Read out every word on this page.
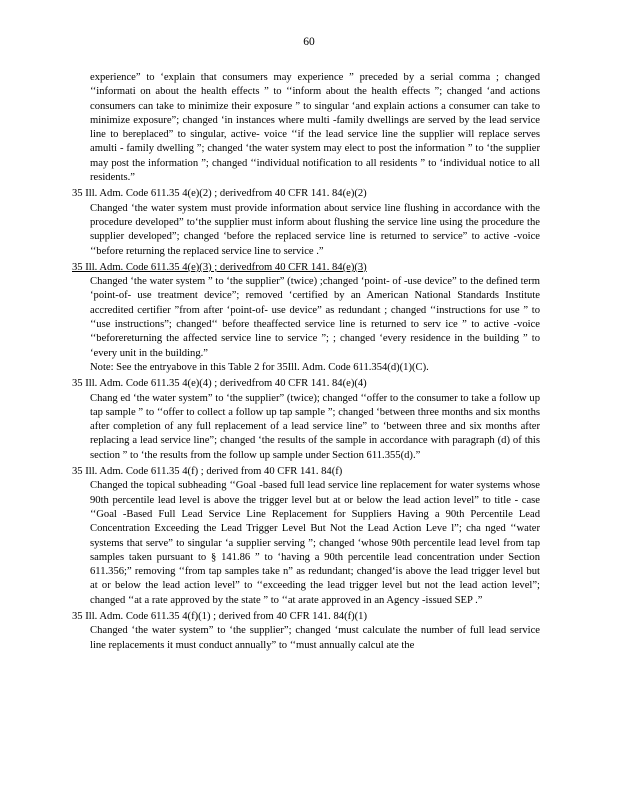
60

experience” to ‘explain that consumers may experience ” preceded by a serial comma ; changed ‘‘informati on about the health effects ” to ‘‘inform about the health effects ”; changed ‘and actions consumers can take to minimize their exposure ” to singular ‘and explain actions a consumer can take to minimize exposure”; changed ‘in instances where multi -family dwellings are served by the lead service line to bereplaced” to singular, active- voice ‘‘if the lead service line the supplier will replace serves amulti - family dwelling ”; changed ‘the water system may elect to post the information ” to ‘the supplier may post the information ”; changed ‘‘individual notification to all residents ” to ‘individual notice to all residents.”

35 Ill. Adm. Code 611.35 4(e)(2) ; derivedfrom 40 CFR 141. 84(e)(2)

Changed ‘the water system must provide information about service line flushing in accordance with the procedure developed” to‘the supplier must inform about flushing the service line using the procedure the supplier developed”; changed ‘before the replaced service line is returned to service” to active -voice ‘‘before returning the replaced service line to service .”

35 Ill. Adm. Code 611.35 4(e)(3) ; derivedfrom 40 CFR 141. 84(e)(3)

Changed ‘the water system ” to ‘the supplier” (twice) ;changed ‘point- of -use device” to the defined term ‘point-of- use treatment device”; removed ‘certified by an American National Standards Institute accredited certifier ”from after ‘point-of- use device” as redundant ; changed ‘‘instructions for use ” to ‘‘use instructions”; changed‘‘ before theaffected service line is returned to serv ice ” to active -voice ‘‘beforereturning the affected service line to service ”; ; changed ‘every residence in the building ” to ‘every unit in the building.”

Note: See the entryabove in this Table 2 for 35Ill. Adm. Code 611.354(d)(1)(C).

35 Ill. Adm. Code 611.35 4(e)(4) ; derivedfrom 40 CFR 141. 84(e)(4)

Chang ed ‘the water system” to ‘the supplier” (twice); changed ‘‘offer to the consumer to take a follow up tap sample ” to ‘‘offer to collect a follow up tap sample ”; changed ‘between three months and six months after completion of any full replacement of a lead service line” to ‘between three and six months after replacing a lead service line”; changed ‘the results of the sample in accordance with paragraph (d) of this section ” to ‘the results from the follow up sample under Section 611.355(d).”

35 Ill. Adm. Code 611.35 4(f) ; derived from 40 CFR 141. 84(f)

Changed the topical subheading ‘‘Goal -based full lead service line replacement for water systems whose 90th percentile lead level is above the trigger level but at or below the lead action level” to title - case ‘‘Goal -Based Full Lead Service Line Replacement for Suppliers Having a 90th Percentile Lead Concentration Exceeding the Lead Trigger Level But Not the Lead Action Leve l”; cha nged ‘‘water systems that serve” to singular ‘a supplier serving ”; changed ‘whose 90th percentile lead level from tap samples taken pursuant to § 141.86 ” to ‘having a 90th percentile lead concentration under Section 611.356;” removing ‘‘from tap samples take n” as redundant; changed‘is above the lead trigger level but at or below the lead action level” to ‘‘exceeding the lead trigger level but not the lead action level”; changed ‘‘at a rate approved by the state ” to ‘‘at arate approved in an Agency -issued SEP .”

35 Ill. Adm. Code 611.35 4(f)(1) ; derived from 40 CFR 141. 84(f)(1)

Changed ‘the water system” to ‘the supplier”; changed ‘must calculate the number of full lead service line replacements it must conduct annually” to ‘‘must annually calcul ate the
